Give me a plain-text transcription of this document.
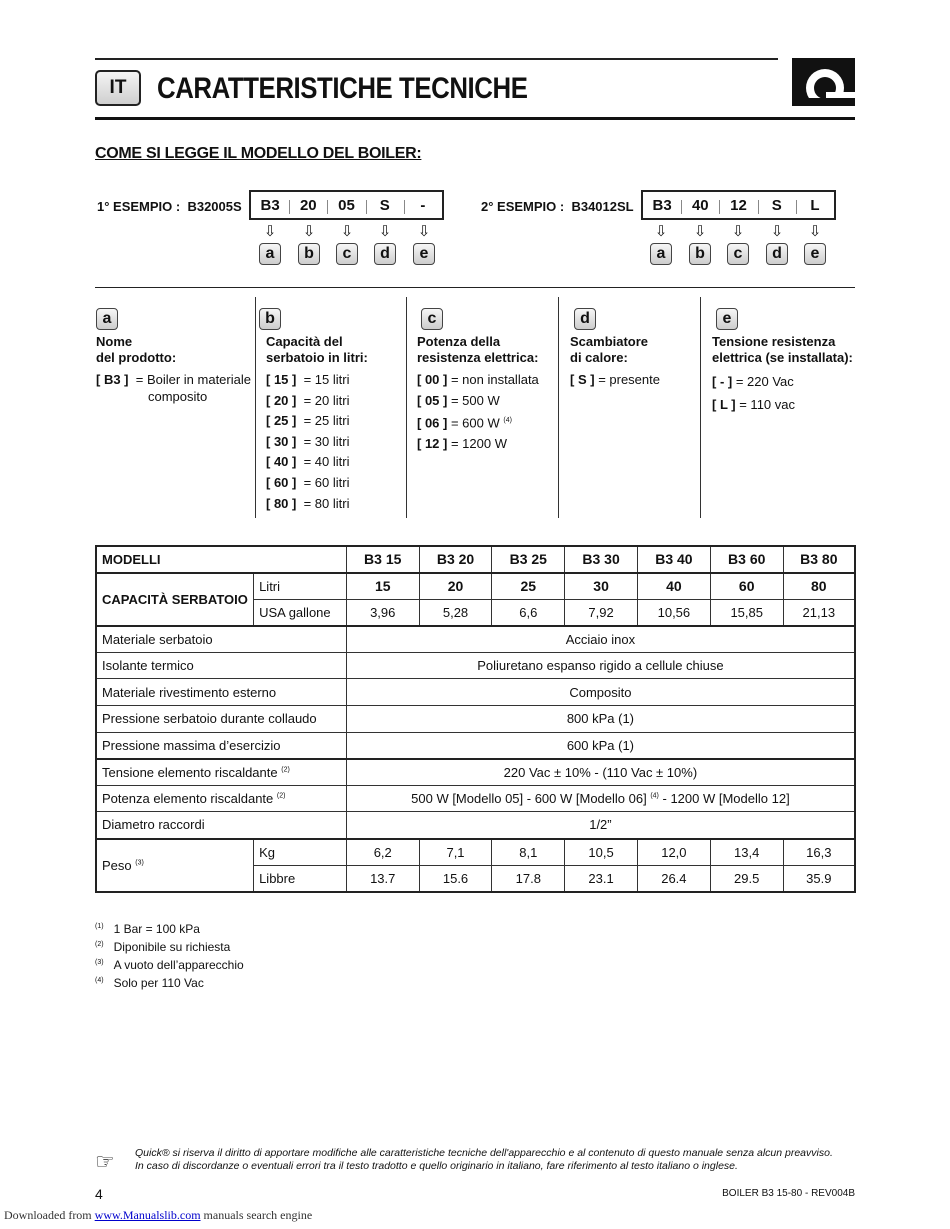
IT	CARATTERISTICHE TECNICHE
COME SI LEGGE IL MODELLO DEL BOILER:
1° ESEMPIO : B32005S	B3	20	05	S	-
⇩	⇩	⇩	⇩	⇩
a	b	c	d	e
2° ESEMPIO : B34012SL	B3	40	12	S	L
⇩	⇩	⇩	⇩	⇩
a	b	c	d	e
a
Nome
del prodotto:
[ B3 ] = Boiler in materiale
composito
b
Capacità del
serbatoio in litri:
[ 15 ] = 15 litri
[ 20 ] = 20 litri
[ 25 ] = 25 litri
[ 30 ] = 30 litri
[ 40 ] = 40 litri
[ 60 ] = 60 litri
[ 80 ] = 80 litri
c
Potenza della
resistenza elettrica:
[ 00 ] = non installata
[ 05 ] = 500 W
[ 06 ] = 600 W $^{(4)}$
[ 12 ] = 1200 W
d
Scambiatore
di calore:
[ S ] = presente
e
Tensione resistenza
elettrica (se installata):
[ - ] = 220 Vac
[ L ] = 110 vac
MODELLI		B3 15	B3 20	B3 25	B3 30	B3 40	B3 60	B3 80
CAPACITÀ SERBATOIO	Litri	15	20	25	30	40	60	80
	USA gallone	3,96	5,28	6,6	7,92	10,56	15,85	21,13
Materiale serbatoio		Acciaio inox						
Isolante termico		Poliuretano espanso rigido a cellule chiuse						
Materiale rivestimento esterno		Composito						
Pressione serbatoio durante collaudo		800 kPa (1)						
Pressione massima d’esercizio		600 kPa (1)						
Tensione elemento riscaldante $^{(2)}$		220 Vac ± 10% - (110 Vac ± 10%)						
Potenza elemento riscaldante $^{(2)}$		500 W [Modello 05] - 600 W [Modello 06] $^{(4)}$ - 1200 W [Modello 12]						
Diametro raccordi		1/2”						
Peso $^{(3)}$	Kg	6,2	7,1	8,1	10,5	12,0	13,4	16,3
	Libbre	13.7	15.6	17.8	23.1	26.4	29.5	35.9
$^{(1)}$ 1 Bar = 100 kPa
$^{(2)}$ Diponibile su richiesta
$^{(3)}$ A vuoto dell’apparecchio
$^{(4)}$ Solo per 110 Vac
☞ Quick® si riserva il diritto di apportare modifiche alle caratteristiche tecniche dell'apparecchio e al contenuto di questo manuale senza alcun preavviso.
In caso di discordanze o eventuali errori tra il testo tradotto e quello originario in italiano, fare riferimento al testo italiano o inglese.
4	BOILER B3 15-80 - REV004B
Downloaded from www.Manualslib.com manuals search engine
